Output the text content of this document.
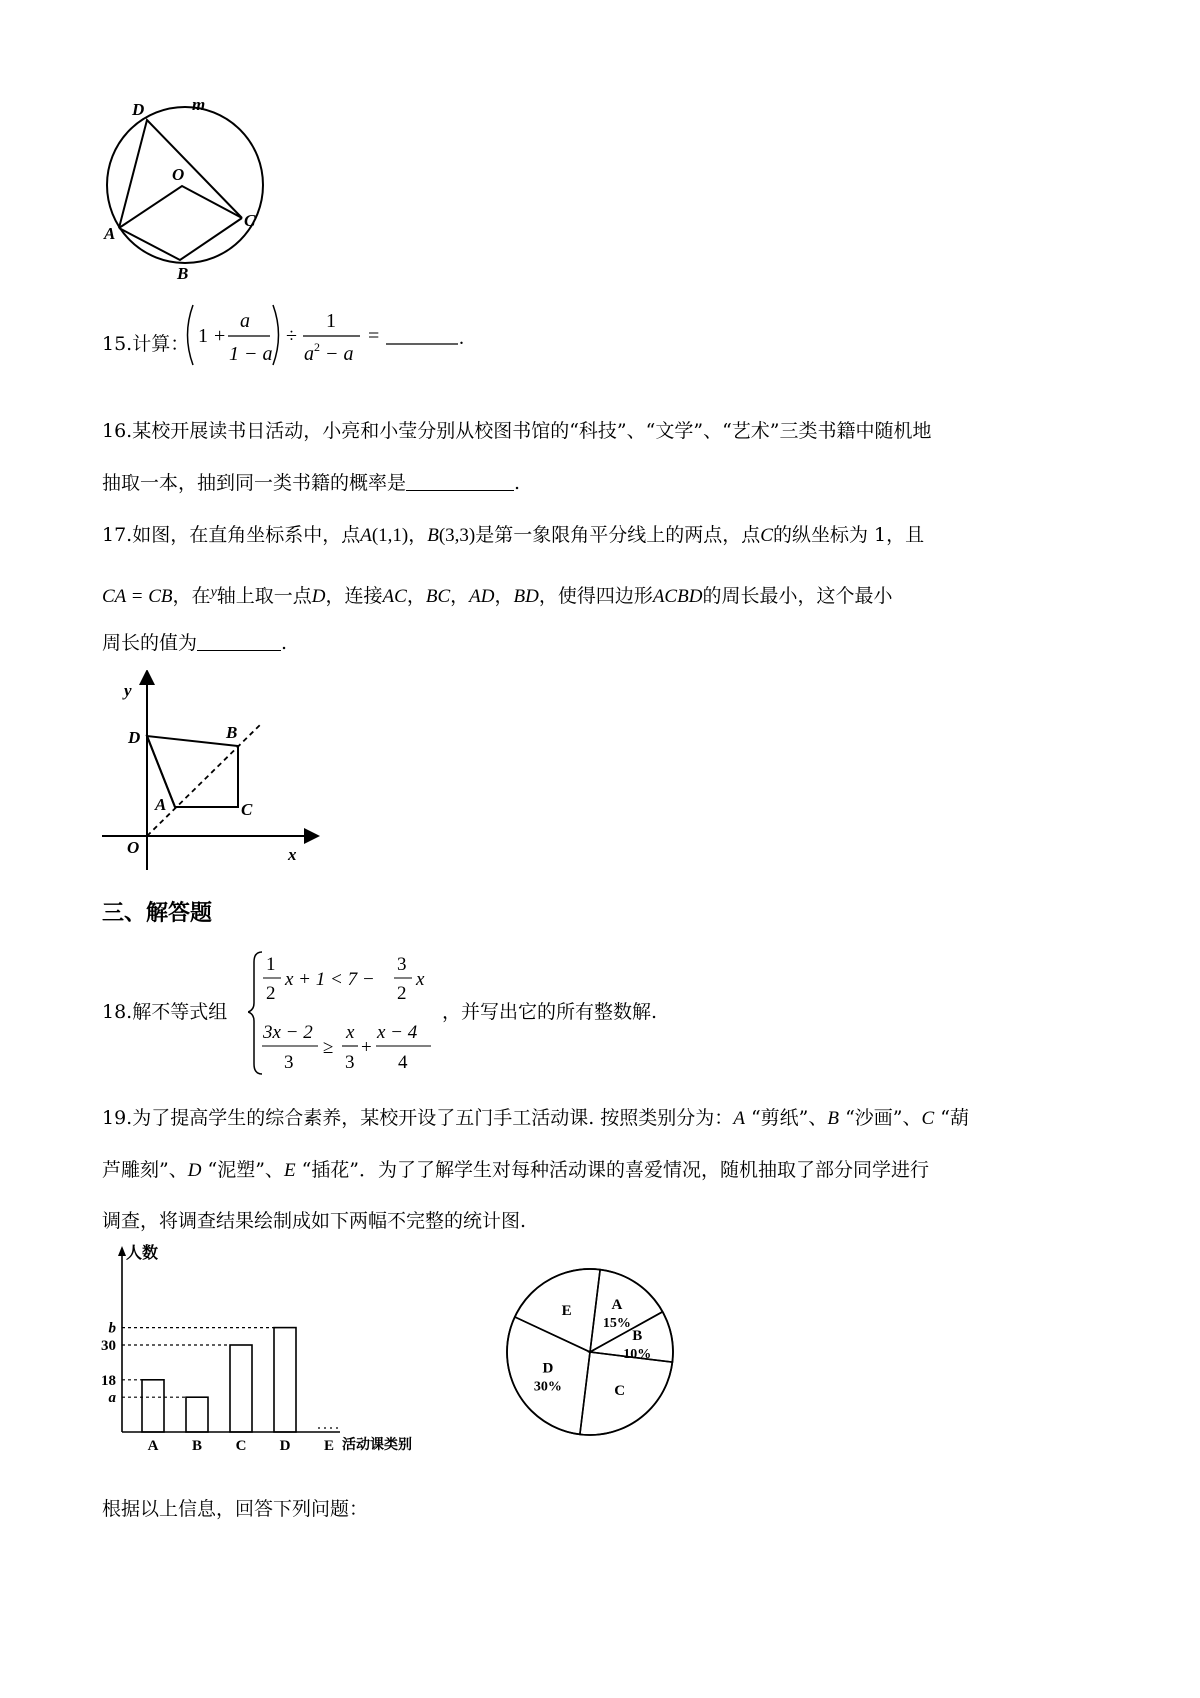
D	m
O
A
C
B
15.计算： 1 +
a
1 − a
÷
1
$a^2 - a$
=	.
16.某校开展读书日活动，小亮和小莹分别从校图书馆的“科技”、“文学”、“艺术”三类书籍中随机地
抽取一本，抽到同一类书籍的概率是	.
17.如图，在直角坐标系中，点A(1,1)，B(3,3)是第一象限角平分线上的两点，点C的纵坐标为 1，且
CA = CB，在$^y$轴上取一点D，连接AC，BC，AD，BD，使得四边形ACBD的周长最小，这个最小
周长的值为	.
y
x
O
D	B
A	C
三、解答题
18.解不等式组
1
2
x + 1 < 7 −
3
2
x
3x − 2
3
≥
x
3
+
x − 4
4
，并写出它的所有整数解.
19.为了提高学生的综合素养，某校开设了五门手工活动课. 按照类别分为：A “剪纸”、B “沙画”、C “葫
芦雕刻”、D “泥塑”、E “插花”．为了了解学生对每种活动课的喜爱情况，随机抽取了部分同学进行
调查，将调查结果绘制成如下两幅不完整的统计图.
人数
活动课类别
a
18
30
b
A B C D E
A
15%
B
10%
C
D
30%
E
根据以上信息，回答下列问题：
